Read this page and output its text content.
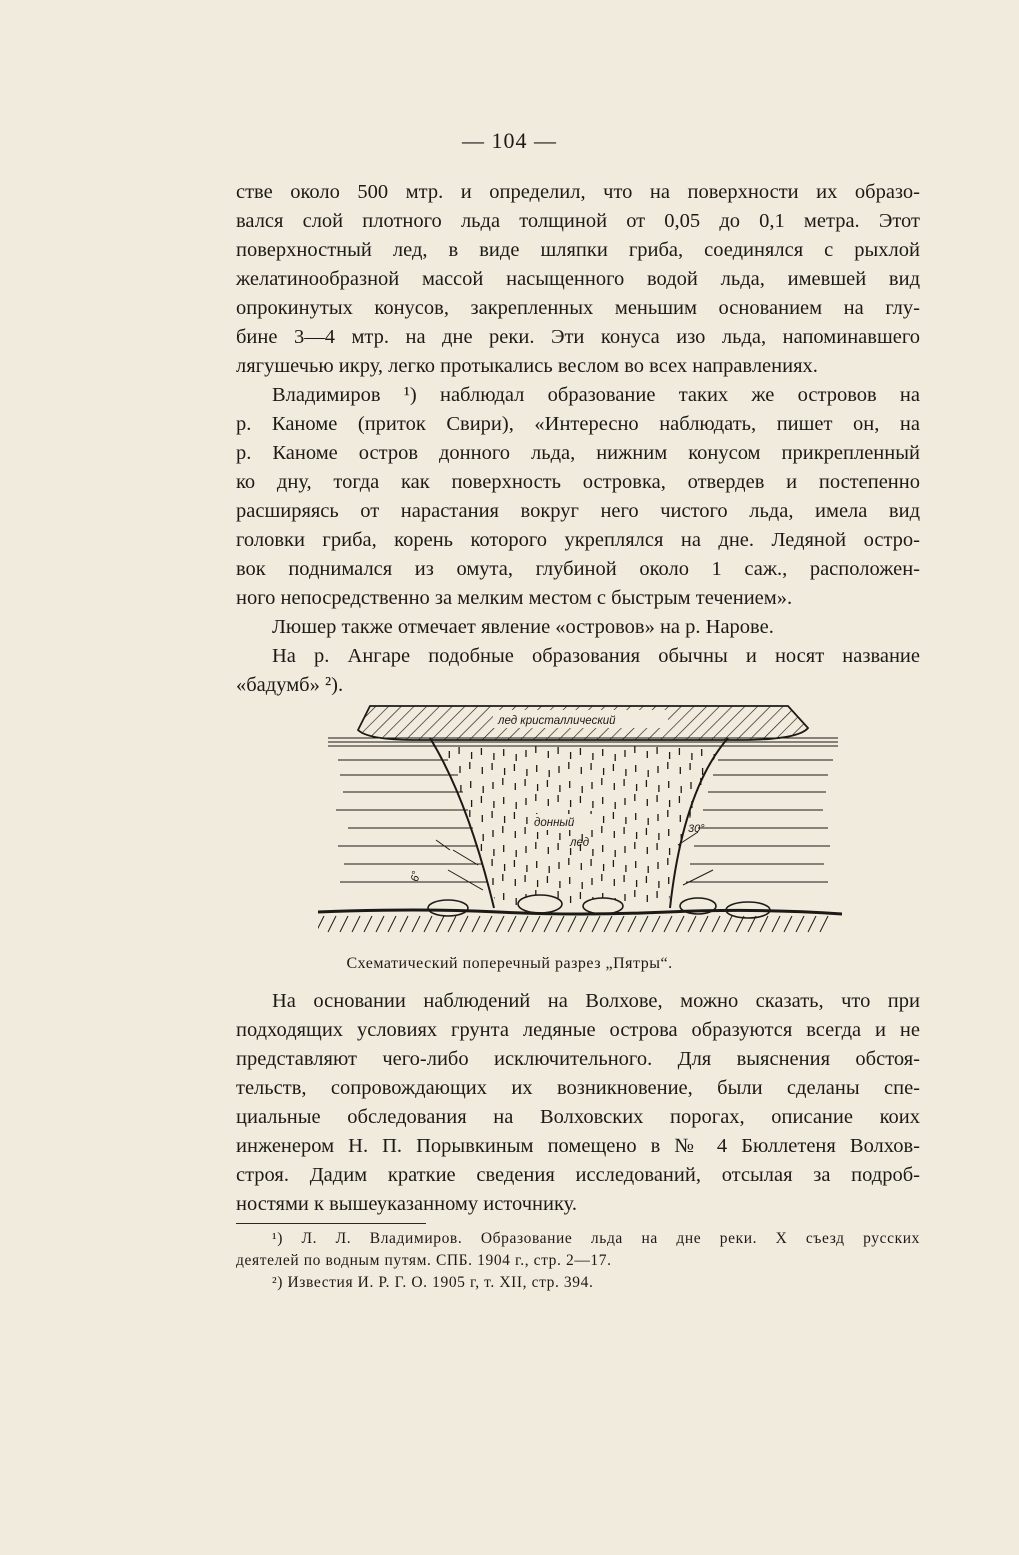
— 104 —
стве около 500 мтр. и определил, что на поверхности их образо-
вался слой плотного льда толщиной от 0,05 до 0,1 метра. Этот
поверхностный лед, в виде шляпки гриба, соединялся с рыхлой
желатинообразной массой насыщенного водой льда, имевшей вид
опрокинутых конусов, закрепленных меньшим основанием на глу-
бине 3—4 мтр. на дне реки. Эти конуса изо льда, напоминавшего
лягушечью икру, легко протыкались веслом во всех направлениях.
Владимиров ¹) наблюдал образование таких же островов на
р. Каноме (приток Свири), «Интересно наблюдать, пишет он, на
р. Каноме остров донного льда, нижним конусом прикрепленный
ко дну, тогда как поверхность островка, отвердев и постепенно
расширяясь от нарастания вокруг него чистого льда, имела вид
головки гриба, корень которого укреплялся на дне. Ледяной остро-
вок поднимался из омута, глубиной около 1 саж., расположен-
ного непосредственно за мелким местом с быстрым течением».
Люшер также отмечает явление «островов» на р. Нарове.
На р. Ангаре подобные образования обычны и носят название
«бадумб» ²).
лед кристаллический
донный
лед
30°
6°
Схематический поперечный разрез „Пятры“.
На основании наблюдений на Волхове, можно сказать, что при
подходящих условиях грунта ледяные острова образуются всегда и не
представляют чего-либо исключительного. Для выяснения обстоя-
тельств, сопровождающих их возникновение, были сделаны спе-
циальные обследования на Волховских порогах, описание коих
инженером Н. П. Порывкиным помещено в № 4 Бюллетеня Волхов-
строя. Дадим краткие сведения исследований, отсылая за подроб-
ностями к вышеуказанному источнику.
¹) Л. Л. Владимиров. Образование льда на дне реки. X съезд русских
деятелей по водным путям. СПБ. 1904 г., стр. 2—17.
²) Известия И. Р. Г. О. 1905 г, т. XII, стр. 394.
